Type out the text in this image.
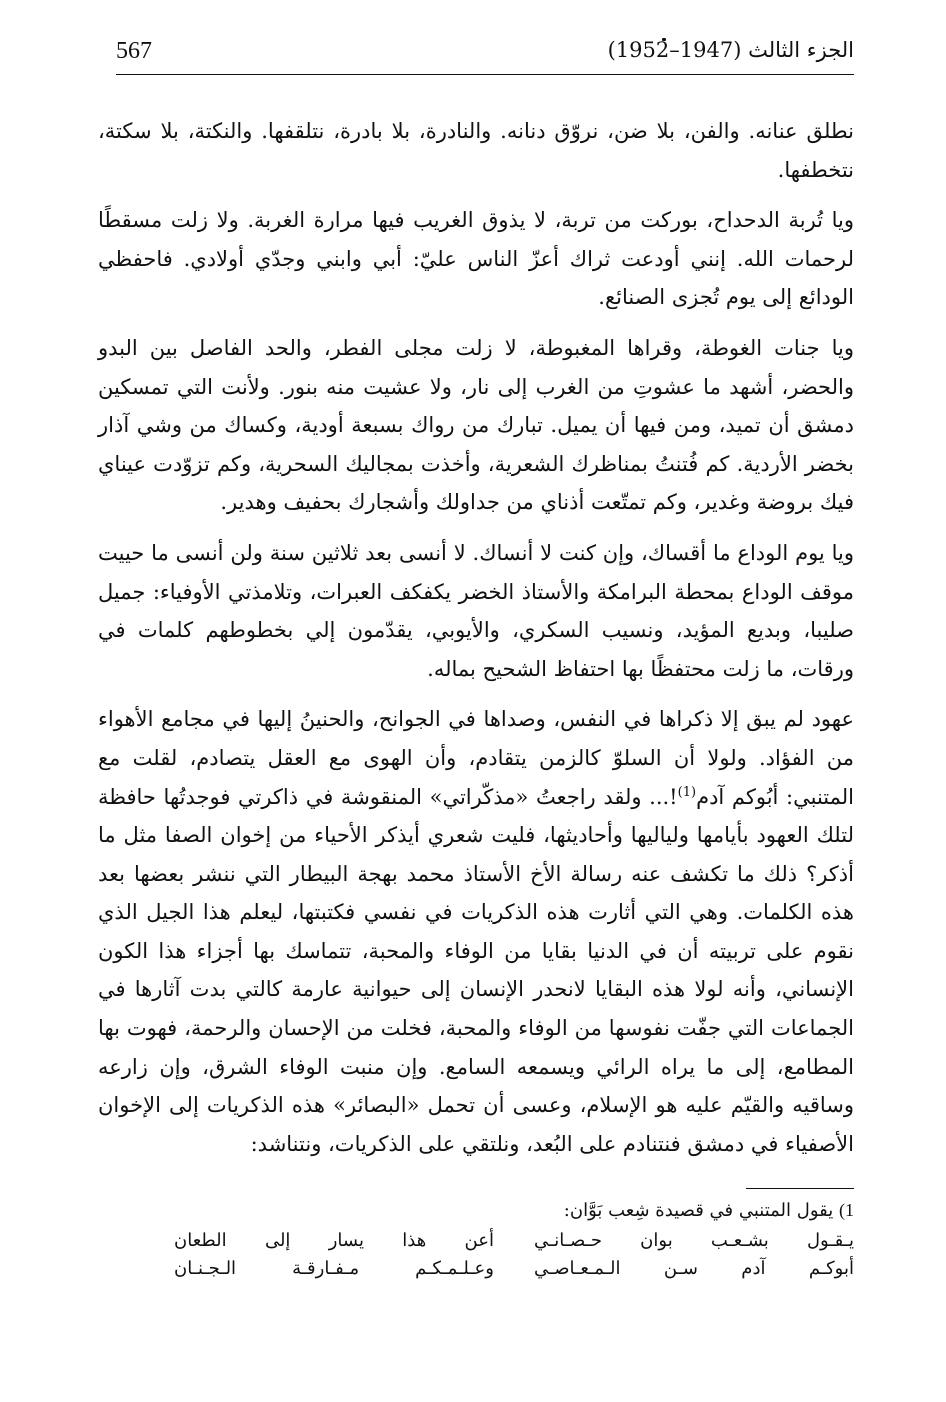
567	الجزء الثالث (1947–1952)

نطلق عنانه. والفن، بلا ضن، نروّق دنانه. والنادرة، بلا بادرة، نتلقفها. والنكتة، بلا سكتة، نتخطفها.

ويا تُربة الدحداح، بوركت من تربة، لا يذوق الغريب فيها مرارة الغربة. ولا زلت مسقطًا لرحمات الله. إنني أودعت ثراك أعزّ الناس عليّ: أبي وابني وجدّي أولادي. فاحفظي الودائع إلى يوم تُجزى الصنائع.

ويا جنات الغوطة، وقراها المغبوطة، لا زلت مجلى الفطر، والحد الفاصل بين البدو والحضر، أشهد ما عشوتِ من الغرب إلى نار، ولا عشيت منه بنور. ولأنت التي تمسكين دمشق أن تميد، ومن فيها أن يميل. تبارك من رواك بسبعة أودية، وكساك من وشي آذار بخضر الأردية. كم فُتنتُ بمناظرك الشعرية، وأخذت بمجاليك السحرية، وكم تزوّدت عيناي فيك بروضة وغدير، وكم تمتّعت أذناي من جداولك وأشجارك بحفيف وهدير.

ويا يوم الوداع ما أقساك، وإن كنت لا أنساك. لا أنسى بعد ثلاثين سنة ولن أنسى ما حييت موقف الوداع بمحطة البرامكة والأستاذ الخضر يكفكف العبرات، وتلامذتي الأوفياء: جميل صليبا، وبديع المؤيد، ونسيب السكري، والأيوبي، يقدّمون إلي بخطوطهم كلمات في ورقات، ما زلت محتفظًا بها احتفاظ الشحيح بماله.

عهود لم يبق إلا ذكراها في النفس، وصداها في الجوانح، والحنينُ إليها في مجامع الأهواء من الفؤاد. ولولا أن السلوّ كالزمن يتقادم، وأن الهوى مع العقل يتصادم، لقلت مع المتنبي: أبُوكم آدم$^{(1)}$!... ولقد راجعتُ «مذكّراتي» المنقوشة في ذاكرتي فوجدتُها حافظة لتلك العهود بأيامها ولياليها وأحاديثها، فليت شعري أيذكر الأحياء من إخوان الصفا مثل ما أذكر؟ ذلك ما تكشف عنه رسالة الأخ الأستاذ محمد بهجة البيطار التي ننشر بعضها بعد هذه الكلمات. وهي التي أثارت هذه الذكريات في نفسي فكتبتها، ليعلم هذا الجيل الذي نقوم على تربيته أن في الدنيا بقايا من الوفاء والمحبة، تتماسك بها أجزاء هذا الكون الإنساني، وأنه لولا هذه البقايا لانحدر الإنسان إلى حيوانية عارمة كالتي بدت آثارها في الجماعات التي جفّت نفوسها من الوفاء والمحبة، فخلت من الإحسان والرحمة، فهوت بها المطامع، إلى ما يراه الرائي ويسمعه السامع. وإن منبت الوفاء الشرق، وإن زارعه وساقيه والقيّم عليه هو الإسلام، وعسى أن تحمل «البصائر» هذه الذكريات إلى الإخوان الأصفياء في دمشق فنتنادم على البُعد، ونلتقي على الذكريات، ونتناشد:

1) يقول المتنبي في قصيدة شِعب بَوَّان:

يـقـول بشـعـب بوان حـصـانـي
أعن هذا يسار إلى الطعان
أبوكـم آدم سـن الـمـعـاصـي
وعـلـمـكـم مـفـارقـة الـجـنـان
